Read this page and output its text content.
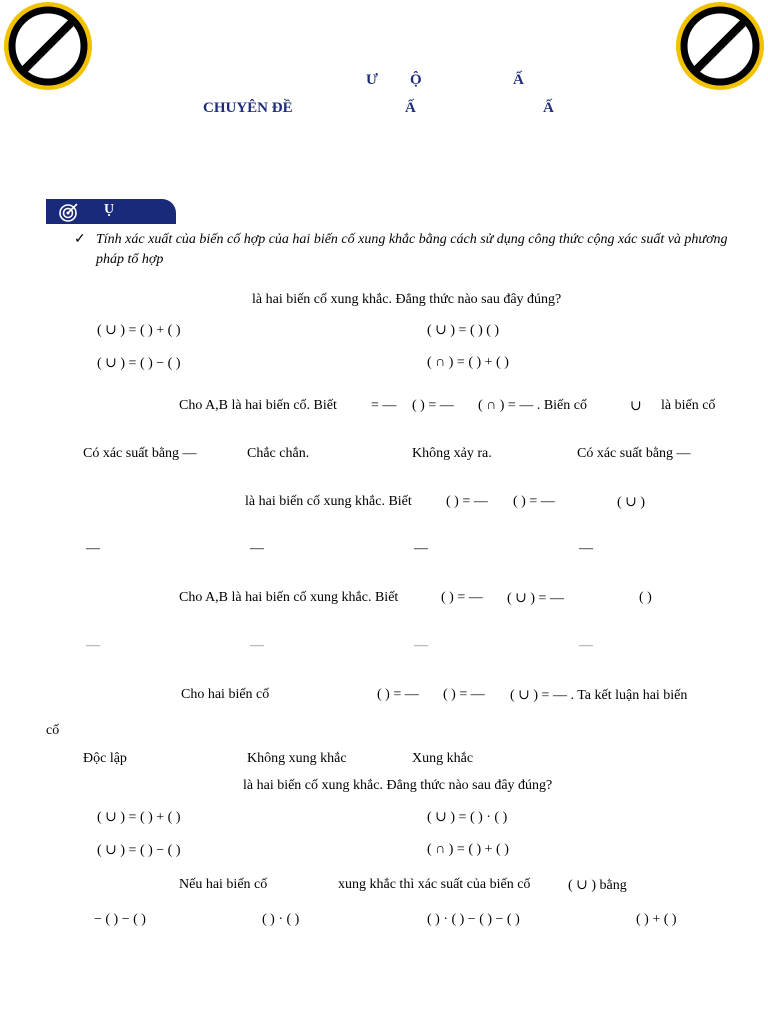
Ư Ộ	Ấ
CHUYÊN ĐỀ	Ấ	Ấ
Ụ
✓ Tính xác xuất của biến cố hợp của hai biến cố xung khắc bằng cách sử dụng công thức cộng xác suất và phương pháp tổ hợp
là hai biến cố xung khắc. Đẳng thức nào sau đây đúng?
( ∪ ) = ( ) + ( )	( ∪ ) = ( ) ( )
( ∪ ) = ( ) − ( )	( ∩ ) = ( ) + ( )
Cho A,B là hai biến cố. Biết = — ( ) = — ( ∩ ) = — . Biến cố	∪ là biến cố
Có xác suất bằng —	Chắc chắn.	Không xảy ra.	Có xác suất bằng —
là hai biến cố xung khắc. Biết ( ) = — ( ) = —	( ∪ )
—	—	—	—
Cho A,B là hai biến cố xung khắc. Biết	( ) = — ( ∪ ) = —	( )
—	—	—	—
Cho hai biến cố	( ) = — ( ) = — ( ∪ ) = — . Ta kết luận hai biến
cố
Độc lập	Không xung khắc	Xung khắc
là hai biến cố xung khắc. Đẳng thức nào sau đây đúng?
( ∪ ) = ( ) + ( )	( ∪ ) = ( ) · ( )
( ∪ ) = ( ) − ( )	( ∩ ) = ( ) + ( )
Nếu hai biến cố	xung khắc thì xác suất của biến cố	( ∪ ) bằng
− ( ) − ( )	( ) · ( )	( ) · ( ) − ( ) − ( )	( ) + ( )
